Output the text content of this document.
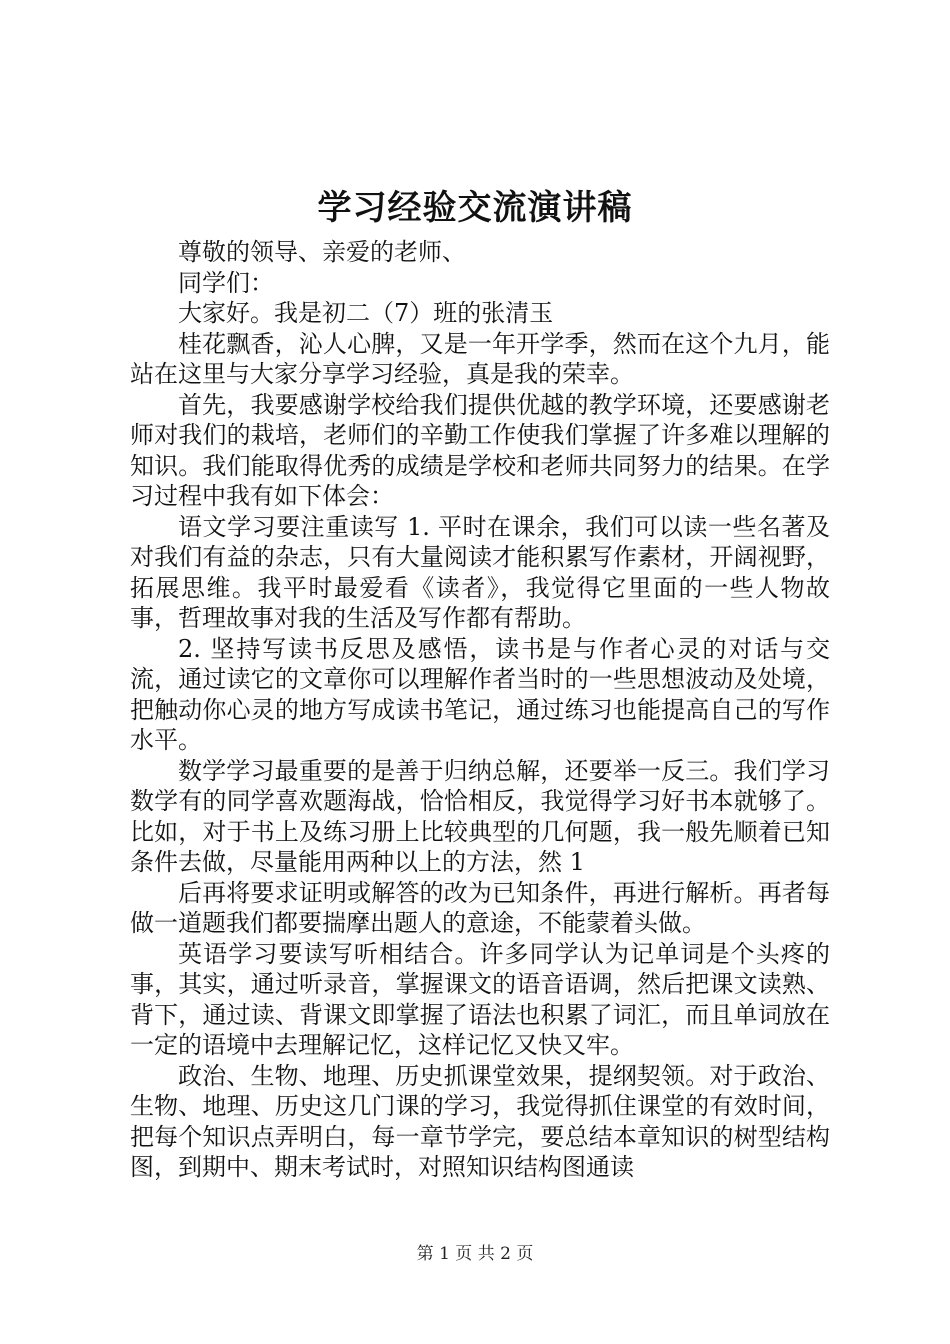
学习经验交流演讲稿

尊敬的领导、亲爱的老师、

同学们：

大家好。我是初二（7）班的张清玉

桂花飘香，沁人心脾，又是一年开学季，然而在这个九月，能站在这里与大家分享学习经验，真是我的荣幸。

首先，我要感谢学校给我们提供优越的教学环境，还要感谢老师对我们的栽培，老师们的辛勤工作使我们掌握了许多难以理解的知识。我们能取得优秀的成绩是学校和老师共同努力的结果。在学习过程中我有如下体会：

语文学习要注重读写 1. 平时在课余，我们可以读一些名著及对我们有益的杂志，只有大量阅读才能积累写作素材，开阔视野，拓展思维。我平时最爱看《读者》，我觉得它里面的一些人物故事，哲理故事对我的生活及写作都有帮助。

2. 坚持写读书反思及感悟，读书是与作者心灵的对话与交流，通过读它的文章你可以理解作者当时的一些思想波动及处境，把触动你心灵的地方写成读书笔记，通过练习也能提高自己的写作水平。

数学学习最重要的是善于归纳总解，还要举一反三。我们学习数学有的同学喜欢题海战，恰恰相反，我觉得学习好书本就够了。比如，对于书上及练习册上比较典型的几何题，我一般先顺着已知条件去做，尽量能用两种以上的方法，然 1

后再将要求证明或解答的改为已知条件，再进行解析。再者每做一道题我们都要揣摩出题人的意途，不能蒙着头做。

英语学习要读写听相结合。许多同学认为记单词是个头疼的事，其实，通过听录音，掌握课文的语音语调，然后把课文读熟、背下，通过读、背课文即掌握了语法也积累了词汇，而且单词放在一定的语境中去理解记忆，这样记忆又快又牢。

政治、生物、地理、历史抓课堂效果，提纲契领。对于政治、生物、地理、历史这几门课的学习，我觉得抓住课堂的有效时间，把每个知识点弄明白，每一章节学完，要总结本章知识的树型结构图，到期中、期末考试时，对照知识结构图通读

第 1 页 共 2 页
